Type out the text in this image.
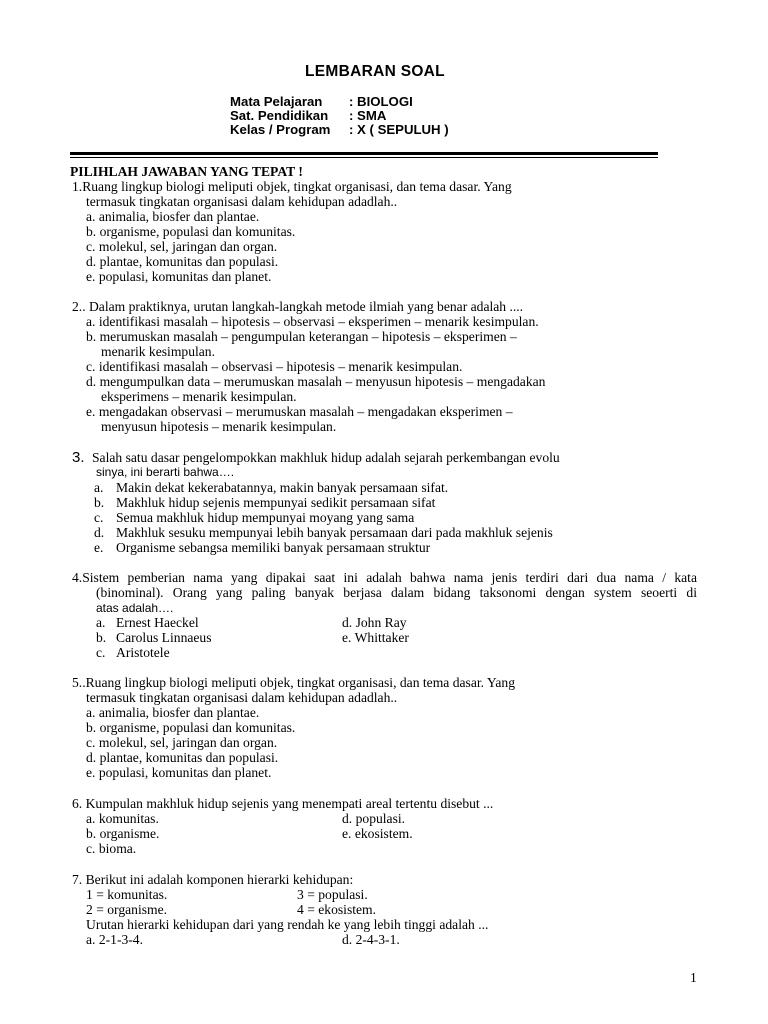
LEMBARAN SOAL
Mata Pelajaran : BIOLOGI
Sat. Pendidikan : SMA
Kelas / Program : X ( SEPULUH )
PILIHLAH JAWABAN YANG TEPAT !
1.Ruang lingkup biologi meliputi objek, tingkat organisasi, dan tema dasar. Yang
termasuk tingkatan organisasi dalam kehidupan adadlah..
a. animalia, biosfer dan plantae.
b. organisme, populasi dan komunitas.
c. molekul, sel, jaringan dan organ.
d. plantae, komunitas dan populasi.
e. populasi, komunitas dan planet.
2.. Dalam praktiknya, urutan langkah-langkah metode ilmiah yang benar adalah ....
a. identifikasi masalah – hipotesis – observasi – eksperimen – menarik kesimpulan.
b. merumuskan masalah – pengumpulan keterangan – hipotesis – eksperimen –
menarik kesimpulan.
c. identifikasi masalah – observasi – hipotesis – menarik kesimpulan.
d. mengumpulkan data – merumuskan masalah – menyusun hipotesis – mengadakan
eksperimens – menarik kesimpulan.
e. mengadakan observasi – merumuskan masalah – mengadakan eksperimen –
menyusun hipotesis – menarik kesimpulan.
3. Salah satu dasar pengelompokkan makhluk hidup adalah sejarah perkembangan evolu
sinya, ini berarti bahwa….
a. Makin dekat kekerabatannya, makin banyak persamaan sifat.
b. Makhluk hidup sejenis mempunyai sedikit persamaan sifat
c. Semua makhluk hidup mempunyai moyang yang sama
d. Makhluk sesuku mempunyai lebih banyak persamaan dari pada makhluk sejenis
e. Organisme sebangsa memiliki banyak persamaan struktur
4.Sistem pemberian nama yang dipakai saat ini adalah bahwa nama jenis terdiri dari dua nama / kata
(binominal). Orang yang paling banyak berjasa dalam bidang taksonomi dengan system seoerti di
atas adalah….
a. Ernest Haeckel	d. John Ray
b. Carolus Linnaeus	e. Whittaker
c. Aristotele
5..Ruang lingkup biologi meliputi objek, tingkat organisasi, dan tema dasar. Yang
termasuk tingkatan organisasi dalam kehidupan adadlah..
a. animalia, biosfer dan plantae.
b. organisme, populasi dan komunitas.
c. molekul, sel, jaringan dan organ.
d. plantae, komunitas dan populasi.
e. populasi, komunitas dan planet.
6. Kumpulan makhluk hidup sejenis yang menempati areal tertentu disebut ...
a. komunitas.	d. populasi.
b. organisme.	e. ekosistem.
c. bioma.
7. Berikut ini adalah komponen hierarki kehidupan:
1 = komunitas.	3 = populasi.
2 = organisme.	4 = ekosistem.
Urutan hierarki kehidupan dari yang rendah ke yang lebih tinggi adalah ...
a. 2-1-3-4.	d. 2-4-3-1.
1
